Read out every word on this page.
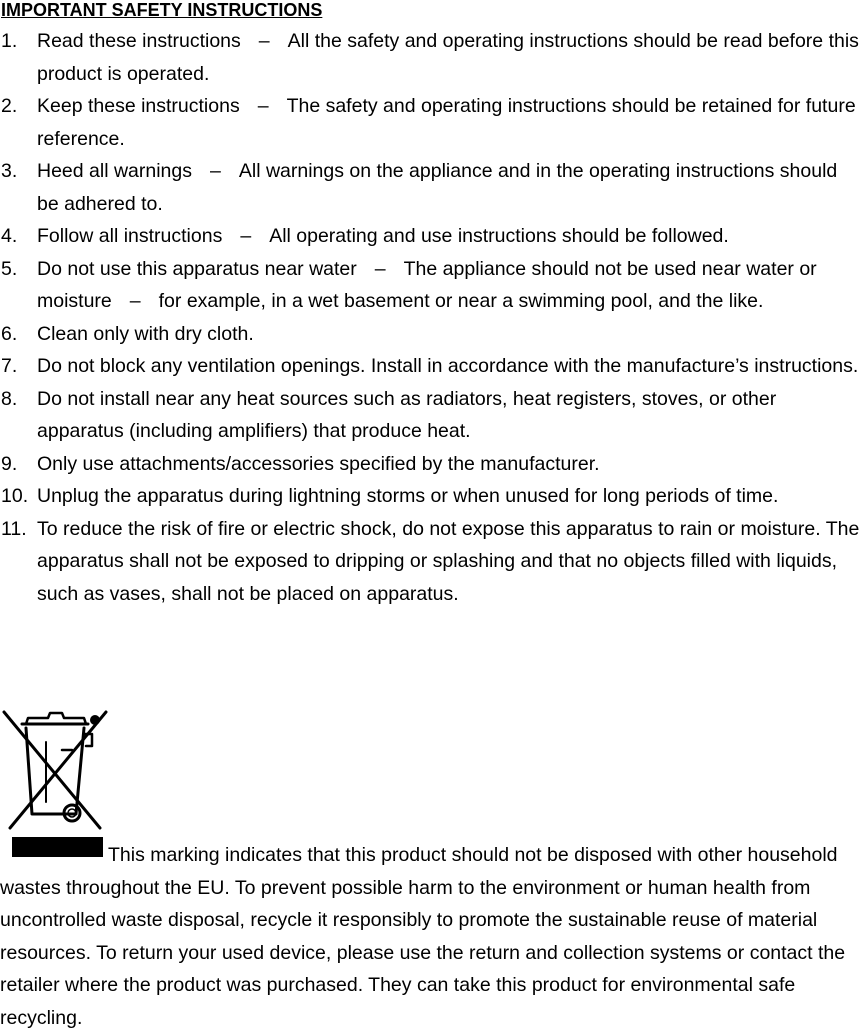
IMPORTANT SAFETY INSTRUCTIONS
1. Read these instructions – All the safety and operating instructions should be read before this product is operated.
2. Keep these instructions – The safety and operating instructions should be retained for future reference.
3. Heed all warnings – All warnings on the appliance and in the operating instructions should be adhered to.
4. Follow all instructions – All operating and use instructions should be followed.
5. Do not use this apparatus near water – The appliance should not be used near water or moisture – for example, in a wet basement or near a swimming pool, and the like.
6. Clean only with dry cloth.
7. Do not block any ventilation openings. Install in accordance with the manufacture’s instructions.
8. Do not install near any heat sources such as radiators, heat registers, stoves, or other apparatus (including amplifiers) that produce heat.
9. Only use attachments/accessories specified by the manufacturer.
10. Unplug the apparatus during lightning storms or when unused for long periods of time.
11. To reduce the risk of fire or electric shock, do not expose this apparatus to rain or moisture. The apparatus shall not be exposed to dripping or splashing and that no objects filled with liquids, such as vases, shall not be placed on apparatus.
This marking indicates that this product should not be disposed with other household wastes throughout the EU. To prevent possible harm to the environment or human health from uncontrolled waste disposal, recycle it responsibly to promote the sustainable reuse of material resources. To return your used device, please use the return and collection systems or contact the retailer where the product was purchased. They can take this product for environmental safe recycling.
